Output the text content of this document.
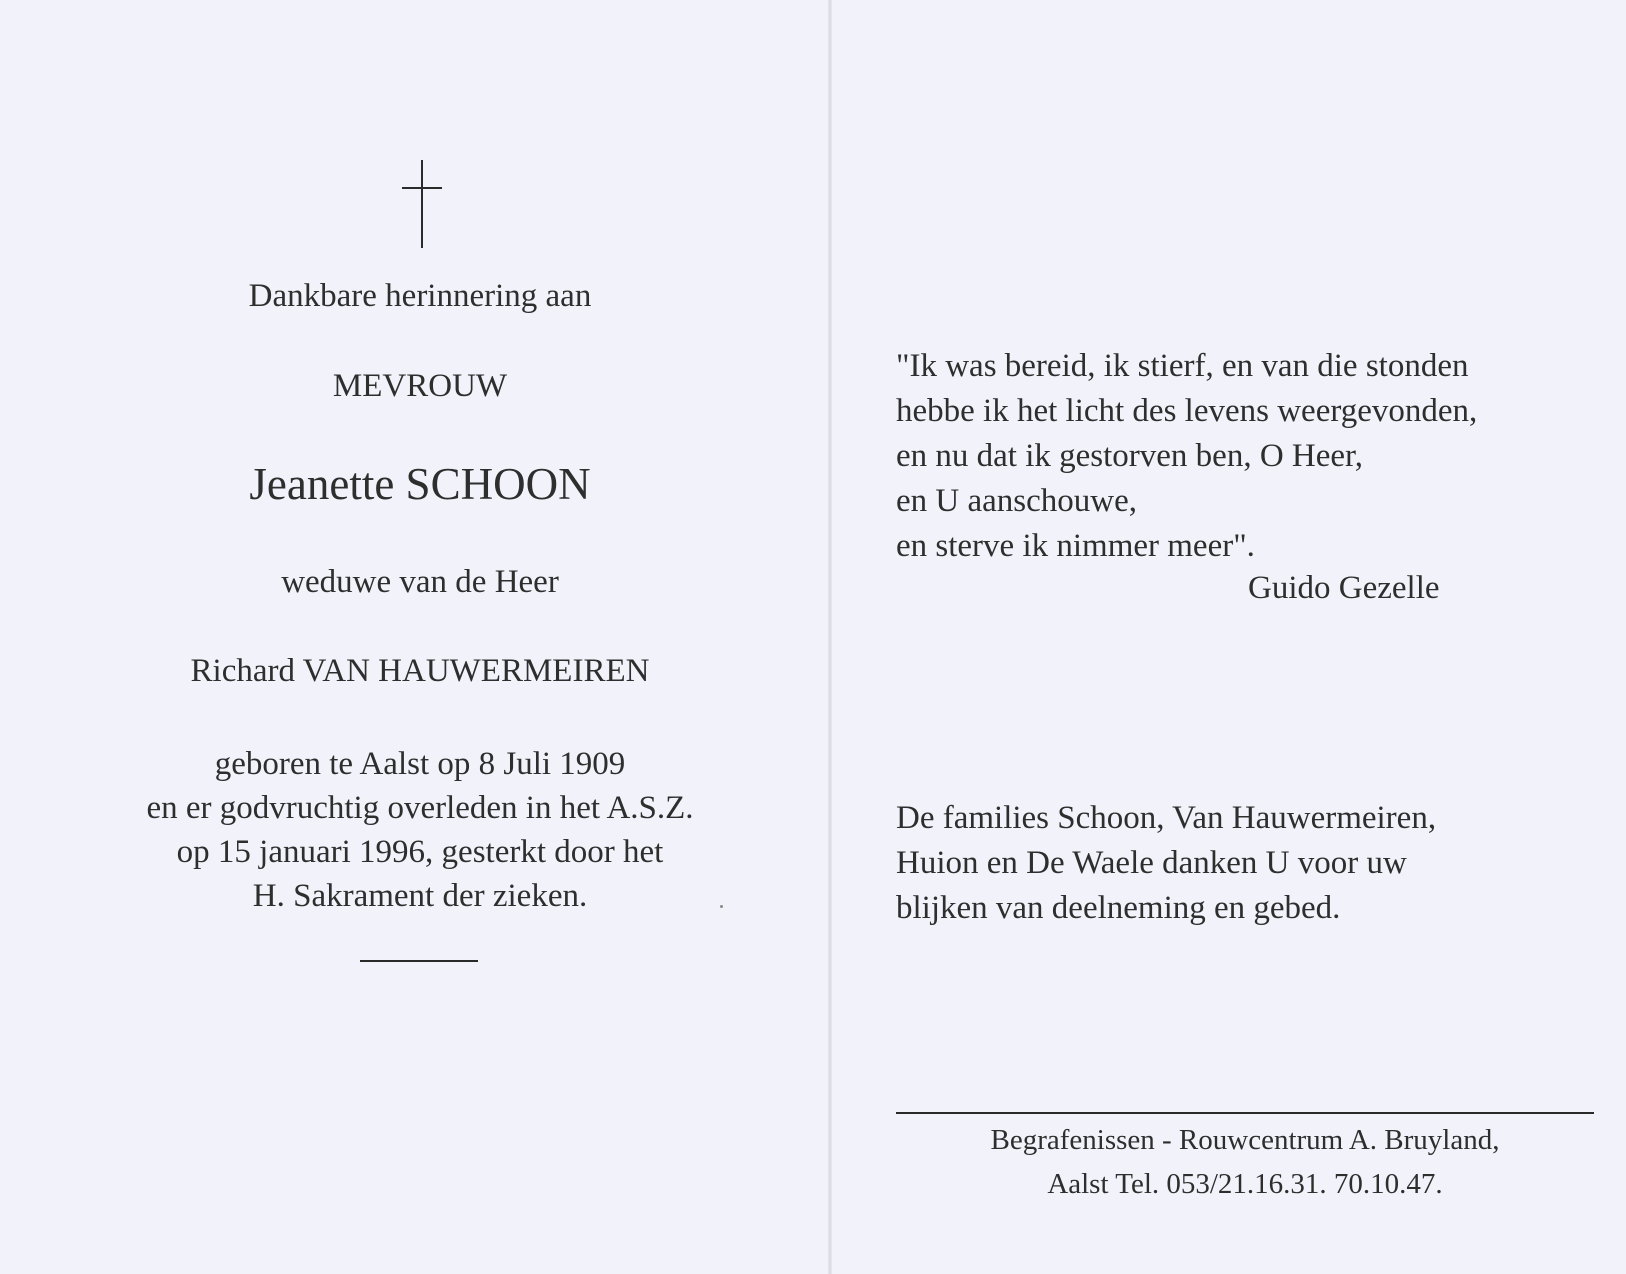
Dankbare herinnering aan
MEVROUW
Jeanette SCHOON
weduwe van de Heer
Richard VAN HAUWERMEIREN
geboren te Aalst op 8 Juli 1909
en er godvruchtig overleden in het A.S.Z.
op 15 januari 1996, gesterkt door het
H. Sakrament der zieken.
"Ik was bereid, ik stierf, en van die stonden
hebbe ik het licht des levens weergevonden,
en nu dat ik gestorven ben, O Heer,
en U aanschouwe,
en sterve ik nimmer meer".
Guido Gezelle
De families Schoon, Van Hauwermeiren,
Huion en De Waele danken U voor uw
blijken van deelneming en gebed.
Begrafenissen - Rouwcentrum A. Bruyland,
Aalst Tel. 053/21.16.31. 70.10.47.
